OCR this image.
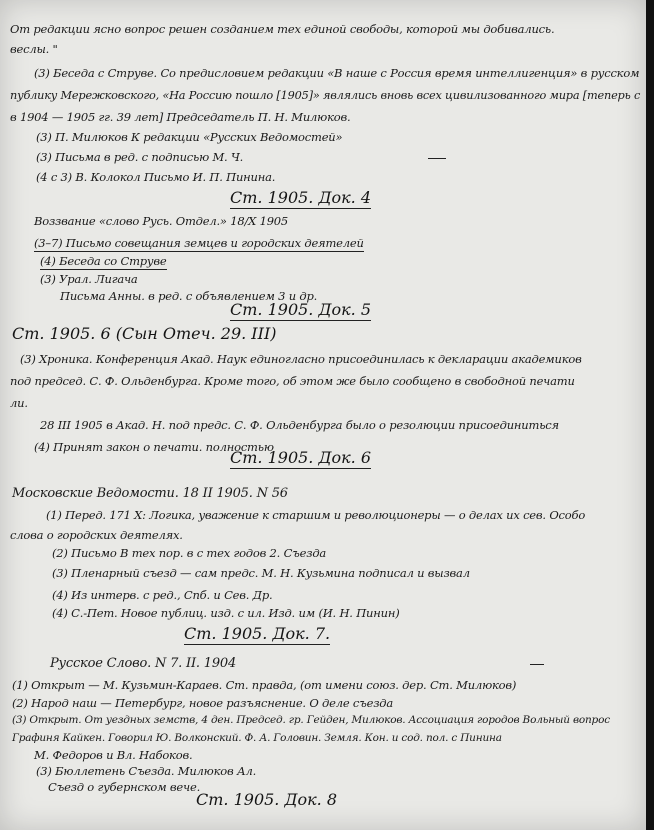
От редакции ясно вопрос решен созданием тех единой свободы, которой мы добивались.
веслы. "
(3) Беседа с Струве. Со предисловием редакции «В наше с Россия время интеллигенция» в русском
публику Мережковского, «На Россию пошло [1905]» являлись вновь всех цивилизованного мира [теперь с
в 1904 — 1905 гг. 39 лет] Председатель П. Н. Милюков.
(3) П. Милюков К редакции «Русских Ведомостей»
(3) Письма в ред. с подписью М. Ч.
(4 с 3) В. Колокол Письмо И. П. Пинина.
Ст. 1905. Док. 4
Воззвание «слово Русь. Отдел.» 18/X 1905
(3–7) Письмо совещания земцев и городских деятелей
(4) Беседа со Струве
(3) Урал. Лигача
Письма Анны. в ред. с объявлением 3 и др.
Ст. 1905. Док. 5
Ст. 1905. 6 (Сын Отеч. 29. III)
(3) Хроника. Конференция Акад. Наук единогласно присоединилась к декларации академиков
под председ. С. Ф. Ольденбурга. Кроме того, об этом же было сообщено в свободной печати
ли.
28 III 1905 в Акад. Н. под предс. С. Ф. Ольденбурга было о резолюции присоединиться
(4) Принят закон о печати. полностью
Ст. 1905. Док. 6
Московские Ведомости. 18 II 1905. N 56
(1) Перед. 171 X: Логика, уважение к старшим и революционеры — о делах их сев. Особо
слова о городских деятелях.
(2) Письмо В тех пор. в с тех годов 2. Съезда
(3) Пленарный съезд — сам предс. М. Н. Кузьмина подписал и вызвал
(4) Из интерв. с ред., Спб. и Сев. Др.
(4) С.-Пет. Новое публиц. изд. с ил. Изд. им (И. Н. Пинин)
Ст. 1905. Док. 7.
Русское Слово. N 7. II. 1904
(1) Открыт — М. Кузьмин-Караев. Ст. правда, (от имени союз. дер. Ст. Милюков)
(2) Народ наш — Петербург, новое разъяснение. О деле съезда
(3) Открыт. От уездных земств, 4 ден. Председ. гр. Гейден, Милюков. Ассоциация городов Вольный вопрос
Графиня Кайкен. Говорил Ю. Волконский. Ф. А. Головин. Земля. Кон. и сод. пол. с Пинина
М. Федоров и Вл. Набоков.
(3) Бюллетень Съезда. Милюков Ал.
Съезд о губернском вече.
Ст. 1905. Док. 8
